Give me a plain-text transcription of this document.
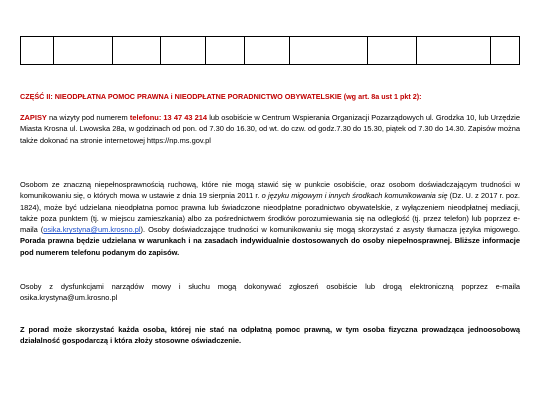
CZĘŚĆ II: NIEODPŁATNA POMOC PRAWNA i NIEODPŁATNE PORADNICTWO OBYWATELSKIE (wg art. 8a ust 1 pkt 2):
ZAPISY na wizyty pod numerem telefonu: 13 47 43 214 lub osobiście w Centrum Wspierania Organizacji Pozarządowych ul. Grodzka 10, lub Urzędzie Miasta Krosna ul. Lwowska 28a, w godzinach od pon. od 7.30 do 16.30, od wt. do czw. od godz.7.30 do 15.30, piątek od 7.30 do 14.30. Zapisów można także dokonać na stronie internetowej https://np.ms.gov.pl
Osobom ze znaczną niepełnosprawnością ruchową, które nie mogą stawić się w punkcie osobiście, oraz osobom doświadczającym trudności w komunikowaniu się, o których mowa w ustawie z dnia 19 sierpnia 2011 r. o języku migowym i innych środkach komunikowania się (Dz. U. z 2017 r. poz. 1824), może być udzielana nieodpłatna pomoc prawna lub świadczone nieodpłatne poradnictwo obywatelskie, z wyłączeniem nieodpłatnej mediacji, także poza punktem (tj. w miejscu zamieszkania) albo za pośrednictwem środków porozumiewania się na odległość (tj. przez telefon) lub poprzez e-maila (osika.krystyna@um.krosno.pl). Osoby doświadczające trudności w komunikowaniu się mogą skorzystać z asysty tłumacza języka migowego. Porada prawna będzie udzielana w warunkach i na zasadach indywidualnie dostosowanych do osoby niepełnosprawnej. Bliższe informacje pod numerem telefonu podanym do zapisów.
Osoby z dysfunkcjami narządów mowy i słuchu mogą dokonywać zgłoszeń osobiście lub drogą elektroniczną poprzez e-maila osika.krystyna@um.krosno.pl
Z porad może skorzystać każda osoba, której nie stać na odpłatną pomoc prawną, w tym osoba fizyczna prowadząca jednoosobową działalność gospodarczą i która złoży stosowne oświadczenie.
